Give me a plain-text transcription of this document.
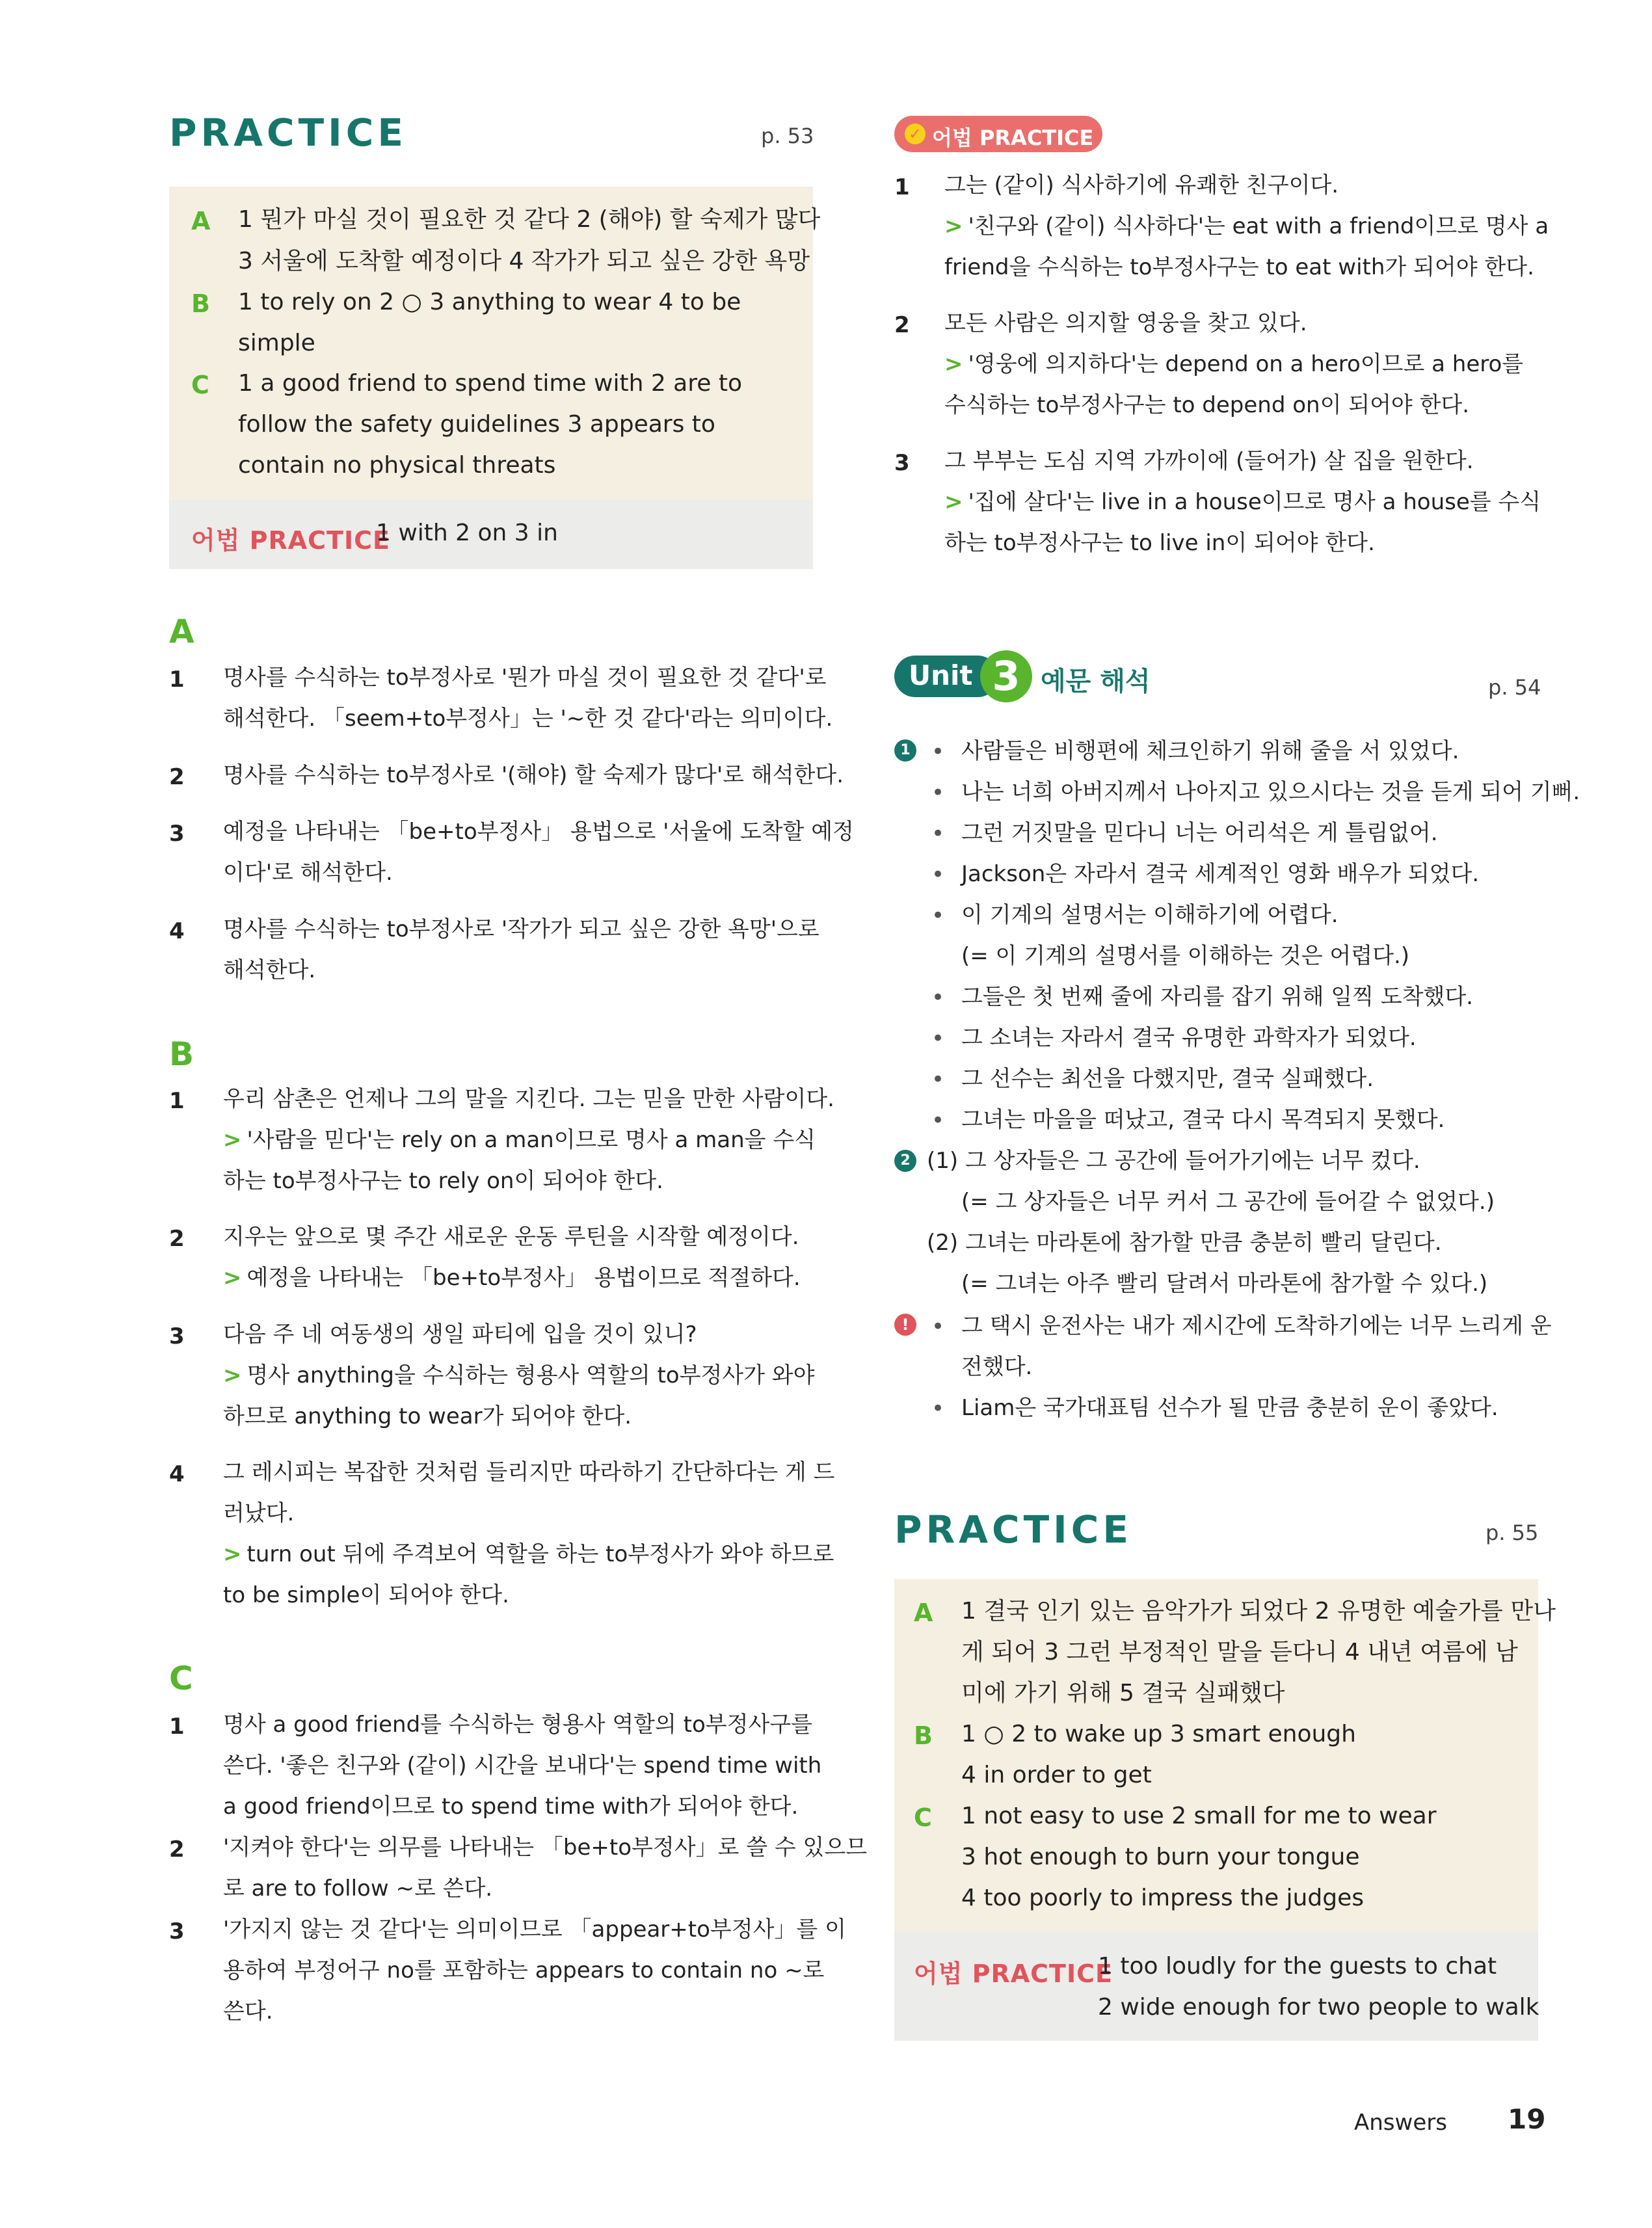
PRACTICE	p. 53
A 1 뭔가 마실 것이 필요한 것 같다 2 (해야) 할 숙제가 많다
3 서울에 도착할 예정이다 4 작가가 되고 싶은 강한 욕망
B 1 to rely on 2 ○ 3 anything to wear 4 to be
simple
C 1 a good friend to spend time with 2 are to
follow the safety guidelines 3 appears to
contain no physical threats
어법 PRACTICE
1 with 2 on 3 in
A
1 명사를 수식하는 to부정사로 '뭔가 마실 것이 필요한 것 같다'로
해석한다. 「seem+to부정사」는 '~한 것 같다'라는 의미이다.
2 명사를 수식하는 to부정사로 '(해야) 할 숙제가 많다'로 해석한다.
3 예정을 나타내는 「be+to부정사」 용법으로 '서울에 도착할 예정
이다'로 해석한다.
4 명사를 수식하는 to부정사로 '작가가 되고 싶은 강한 욕망'으로
해석한다.
B
1 우리 삼촌은 언제나 그의 말을 지킨다. 그는 믿을 만한 사람이다.
> '사람을 믿다'는 rely on a man이므로 명사 a man을 수식
하는 to부정사구는 to rely on이 되어야 한다.
2 지우는 앞으로 몇 주간 새로운 운동 루틴을 시작할 예정이다.
> 예정을 나타내는 「be+to부정사」 용법이므로 적절하다.
3 다음 주 네 여동생의 생일 파티에 입을 것이 있니?
> 명사 anything을 수식하는 형용사 역할의 to부정사가 와야
하므로 anything to wear가 되어야 한다.
4 그 레시피는 복잡한 것처럼 들리지만 따라하기 간단하다는 게 드
러났다.
> turn out 뒤에 주격보어 역할을 하는 to부정사가 와야 하므로
to be simple이 되어야 한다.
C
1 명사 a good friend를 수식하는 형용사 역할의 to부정사구를
쓴다. '좋은 친구와 (같이) 시간을 보내다'는 spend time with
a good friend이므로 to spend time with가 되어야 한다.
2 '지켜야 한다'는 의무를 나타내는 「be+to부정사」로 쓸 수 있으므
로 are to follow ~로 쓴다.
3 '가지지 않는 것 같다'는 의미이므로 「appear+to부정사」를 이
용하여 부정어구 no를 포함하는 appears to contain no ~로
쓴다.
✓ 어법 PRACTICE
1 그는 (같이) 식사하기에 유쾌한 친구이다.
> '친구와 (같이) 식사하다'는 eat with a friend이므로 명사 a
friend을 수식하는 to부정사구는 to eat with가 되어야 한다.
2 모든 사람은 의지할 영웅을 찾고 있다.
> '영웅에 의지하다'는 depend on a hero이므로 a hero를
수식하는 to부정사구는 to depend on이 되어야 한다.
3 그 부부는 도심 지역 가까이에 (들어가) 살 집을 원한다.
> '집에 살다'는 live in a house이므로 명사 a house를 수식
하는 to부정사구는 to live in이 되어야 한다.
Unit 3 예문 해석	p. 54
1 • 사람들은 비행편에 체크인하기 위해 줄을 서 있었다.
• 나는 너희 아버지께서 나아지고 있으시다는 것을 듣게 되어 기뻐.
• 그런 거짓말을 믿다니 너는 어리석은 게 틀림없어.
• Jackson은 자라서 결국 세계적인 영화 배우가 되었다.
• 이 기계의 설명서는 이해하기에 어렵다.
(= 이 기계의 설명서를 이해하는 것은 어렵다.)
• 그들은 첫 번째 줄에 자리를 잡기 위해 일찍 도착했다.
• 그 소녀는 자라서 결국 유명한 과학자가 되었다.
• 그 선수는 최선을 다했지만, 결국 실패했다.
• 그녀는 마을을 떠났고, 결국 다시 목격되지 못했다.
2 (1) 그 상자들은 그 공간에 들어가기에는 너무 컸다.
(= 그 상자들은 너무 커서 그 공간에 들어갈 수 없었다.)
(2) 그녀는 마라톤에 참가할 만큼 충분히 빨리 달린다.
(= 그녀는 아주 빨리 달려서 마라톤에 참가할 수 있다.)
!	• 그 택시 운전사는 내가 제시간에 도착하기에는 너무 느리게 운
전했다.
• Liam은 국가대표팀 선수가 될 만큼 충분히 운이 좋았다.
PRACTICE	p. 55
A 1 결국 인기 있는 음악가가 되었다 2 유명한 예술가를 만나
게 되어 3 그런 부정적인 말을 듣다니 4 내년 여름에 남
미에 가기 위해 5 결국 실패했다
B 1 ○ 2 to wake up 3 smart enough
4 in order to get
C 1 not easy to use 2 small for me to wear
3 hot enough to burn your tongue
4 too poorly to impress the judges
어법 PRACTICE
1 too loudly for the guests to chat
2 wide enough for two people to walk
Answers 19
